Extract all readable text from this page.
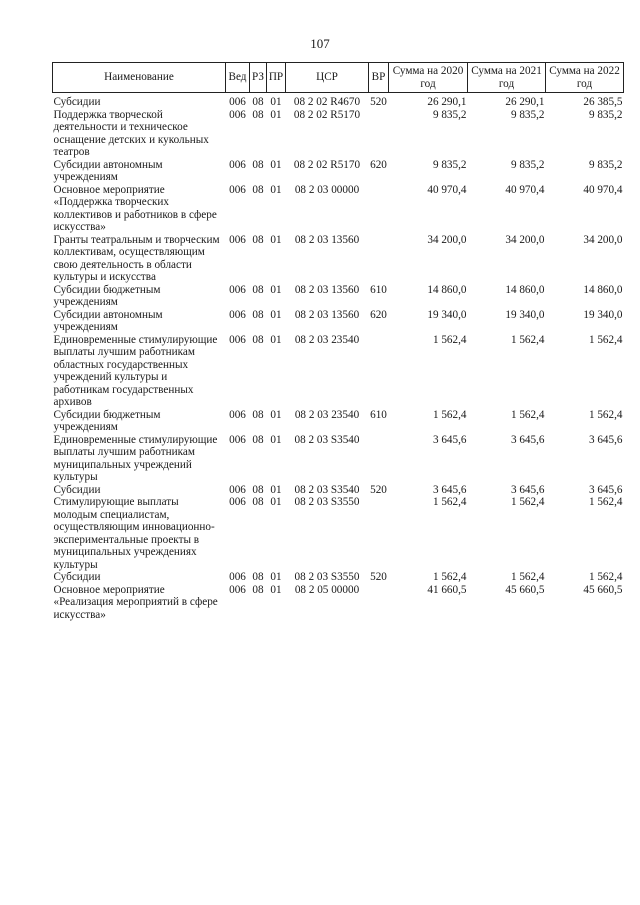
107
Наименование	Вед	РЗ	ПР	ЦСР	ВР	Сумма на 2020 год	Сумма на 2021 год	Сумма на 2022 год
Субсидии	006	08	01	08 2 02 R4670	520	26 290,1	26 290,1	26 385,5
Поддержка творческой деятельности и техническое оснащение детских и кукольных театров	006	08	01	08 2 02 R5170		9 835,2	9 835,2	9 835,2
Субсидии автономным учреждениям	006	08	01	08 2 02 R5170	620	9 835,2	9 835,2	9 835,2
Основное мероприятие «Поддержка творческих коллективов и работников в сфере искусства»	006	08	01	08 2 03 00000		40 970,4	40 970,4	40 970,4
Гранты театральным и творческим коллективам, осуществляющим свою деятельность в области культуры и искусства	006	08	01	08 2 03 13560		34 200,0	34 200,0	34 200,0
Субсидии бюджетным учреждениям	006	08	01	08 2 03 13560	610	14 860,0	14 860,0	14 860,0
Субсидии автономным учреждениям	006	08	01	08 2 03 13560	620	19 340,0	19 340,0	19 340,0
Единовременные стимулирующие выплаты лучшим работникам областных государственных учреждений культуры и работникам государственных архивов	006	08	01	08 2 03 23540		1 562,4	1 562,4	1 562,4
Субсидии бюджетным учреждениям	006	08	01	08 2 03 23540	610	1 562,4	1 562,4	1 562,4
Единовременные стимулирующие выплаты лучшим работникам муниципальных учреждений культуры	006	08	01	08 2 03 S3540		3 645,6	3 645,6	3 645,6
Субсидии	006	08	01	08 2 03 S3540	520	3 645,6	3 645,6	3 645,6
Стимулирующие выплаты молодым специалистам, осуществляющим инновационно-экспериментальные проекты в муниципальных учреждениях культуры	006	08	01	08 2 03 S3550		1 562,4	1 562,4	1 562,4
Субсидии	006	08	01	08 2 03 S3550	520	1 562,4	1 562,4	1 562,4
Основное мероприятие «Реализация мероприятий в сфере искусства»	006	08	01	08 2 05 00000		41 660,5	45 660,5	45 660,5
